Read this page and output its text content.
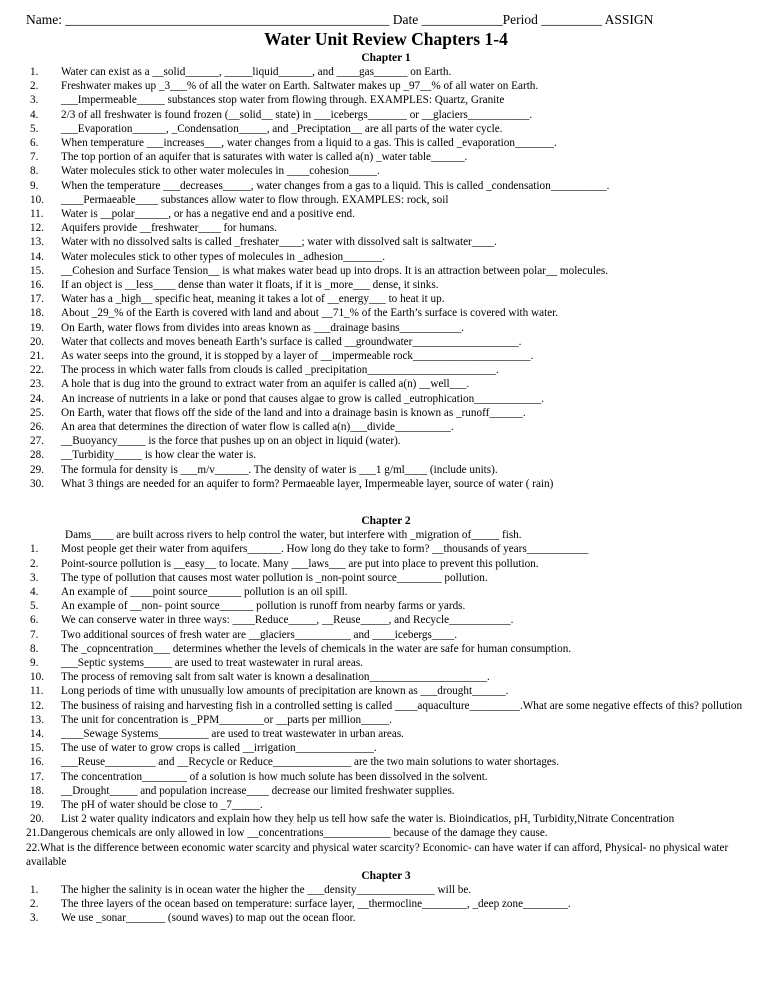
Name: ________________________________________________ Date ____________Period _________ ASSIGN
Water Unit Review Chapters 1-4
Chapter 1
1.	Water can exist as a __solid______, _____liquid______, and ____gas______ on Earth.
2.	Freshwater makes up _3___% of all the water on Earth. Saltwater makes up _97__% of all water on Earth.
3.	___Impermeable_____ substances stop water from flowing through. EXAMPLES: Quartz, Granite
4.	2/3 of all freshwater is found frozen (__solid__ state) in ___icebergs_______ or __glaciers___________.
5.	___Evaporation______, _Condensation_____, and _Preciptation__ are all parts of the water cycle.
6.	When temperature ___increases___, water changes from a liquid to a gas. This is called _evaporation_______.
7.	The top portion of an aquifer that is saturates with water is called a(n) _water table______.
8.	Water molecules stick to other water molecules in ____cohesion_____.
9.	When the temperature ___decreases_____, water changes from a gas to a liquid. This is called _condensation__________.
10. ____Permaeable____ substances allow water to flow through. EXAMPLES: rock, soil
11. Water is __polar______, or has a negative end and a positive end.
12. Aquifers provide __freshwater____ for humans.
13. Water with no dissolved salts is called _freshater____; water with dissolved salt is saltwater____.
14. Water molecules stick to other types of molecules in _adhesion_______.
15. __Cohesion and Surface Tension__ is what makes water bead up into drops. It is an attraction between polar__ molecules.
16. If an object is __less____ dense than water it floats, if it is _more___ dense, it sinks.
17. Water has a _high__ specific heat, meaning it takes a lot of __energy___ to heat it up.
18. About _29_% of the Earth is covered with land and about __71_% of the Earth’s surface is covered with water.
19. On Earth, water flows from divides into areas known as ___drainage basins___________.
20. Water that collects and moves beneath Earth’s surface is called __groundwater___________________.
21. As water seeps into the ground, it is stopped by a layer of __impermeable rock_____________________.
22. The process in which water falls from clouds is called _precipitation_______________________.
23. A hole that is dug into the ground to extract water from an aquifer is called a(n) __well___.
24. An increase of nutrients in a lake or pond that causes algae to grow is called _eutrophication____________.
25. On Earth, water that flows off the side of the land and into a drainage basin is known as _runoff______.
26. An area that determines the direction of water flow is called a(n)___divide__________.
27. __Buoyancy_____ is the force that pushes up on an object in liquid (water).
28. __Turbidity_____ is how clear the water is.
29. The formula for density is ___m/v______. The density of water is ___1 g/ml____ (include units).
30. What 3 things are needed for an aquifer to form? Permaeable layer, Impermeable layer, source of water ( rain)
Chapter 2
Dams____ are built across rivers to help control the water, but interfere with _migration of_____ fish.
1.	Most people get their water from aquifers______. How long do they take to form? __thousands of years___________
2.	Point-source pollution is __easy__ to locate. Many ___laws___ are put into place to prevent this pollution.
3.	The type of pollution that causes most water pollution is _non-point source________ pollution.
4.	An example of ____point source______ pollution is an oil spill.
5.	An example of __non- point source______ pollution is runoff from nearby farms or yards.
6.	We can conserve water in three ways: ____Reduce_____, __Reuse_____, and Recycle___________.
7.	Two additional sources of fresh water are __glaciers__________ and ____icebergs____.
8.	The _copncentration___ determines whether the levels of chemicals in the water are safe for human consumption.
9.	___Septic systems_____ are used to treat wastewater in rural areas.
10. The process of removing salt from salt water is known a desalination_____________________.
11. Long periods of time with unusually low amounts of precipitation are known as ___drought______.
12. The business of raising and harvesting fish in a controlled setting is called ____aquaculture_________.What are some negative effects of this? pollution
13. The unit for concentration is _PPM________or __parts per million_____.
14. ____Sewage Systems_________ are used to treat wastewater in urban areas.
15. The use of water to grow crops is called __irrigation______________.
16. ___Reuse_________ and __Recycle or Reduce______________ are the two main solutions to water shortages.
17. The concentration________ of a solution is how much solute has been dissolved in the solvent.
18. __Drought_____ and population increase____ decrease our limited freshwater supplies.
19. The pH of water should be close to _7_____.
20. List 2 water quality indicators and explain how they help us tell how safe the water is. Bioindicatios, pH, Turbidity,Nitrate Concentration
21.Dangerous chemicals are only allowed in low __concentrations____________ because of the damage they cause.
22.What is the difference between economic water scarcity and physical water scarcity? Economic- can have water if can afford, Physical- no physical water available
Chapter 3
1.	The higher the salinity is in ocean water the higher the ___density______________ will be.
2.	The three layers of the ocean based on temperature: surface layer, __thermocline________, _deep zone________.
3.	We use _sonar_______ (sound waves) to map out the ocean floor.
